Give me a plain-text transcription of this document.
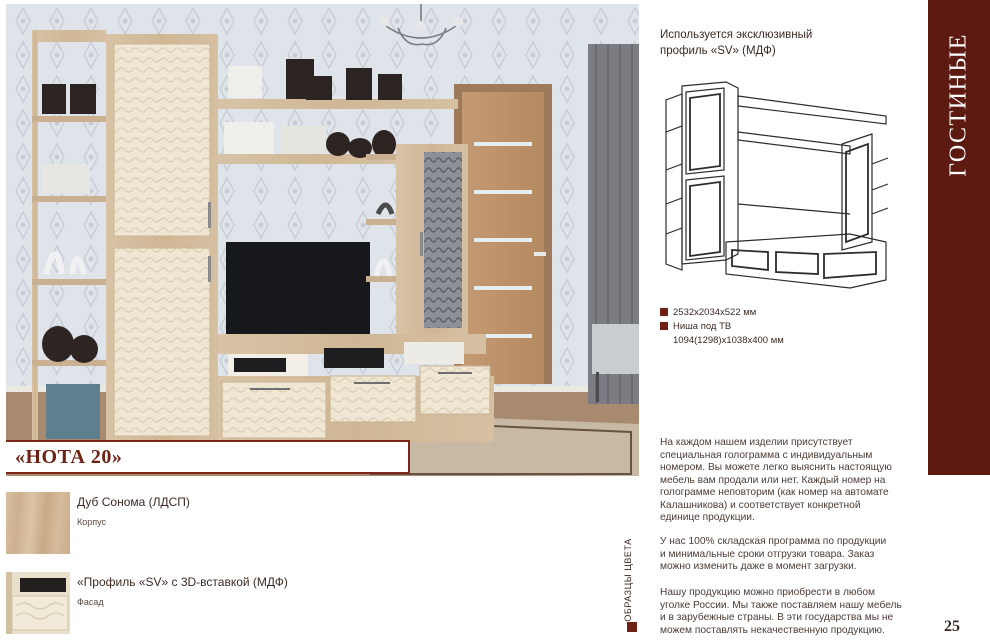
«НОТА 20»
Дуб Сонома (ЛДСП)
Корпус
«Профиль «SV» с 3D-вставкой (МДФ)
Фасад	ОБРАЗЦЫ ЦВЕТА
Используется эксклюзивный
профиль «SV» (МДФ)
2532х2034х522 мм
Ниша под ТВ
1094(1298)х1038х400 мм
На каждом нашем изделии присутствует
специальная голограмма с индивидуальным
номером. Вы можете легко выяснить настоящую
мебель вам продали или нет. Каждый номер на
голограмме неповторим (как номер на автомате
Калашникова) и соответствует конкретной
единице продукции.
У нас 100% складская программа по продукции
и минимальные сроки отгрузки товара. Заказ
можно изменить даже в момент загрузки.
Нашу продукцию можно приобрести в любом
уголке России. Мы также поставляем нашу мебель
и в зарубежные страны. В эти государства мы не
можем поставлять некачественную продукцию.
ГОСТИНЫЕ
25
